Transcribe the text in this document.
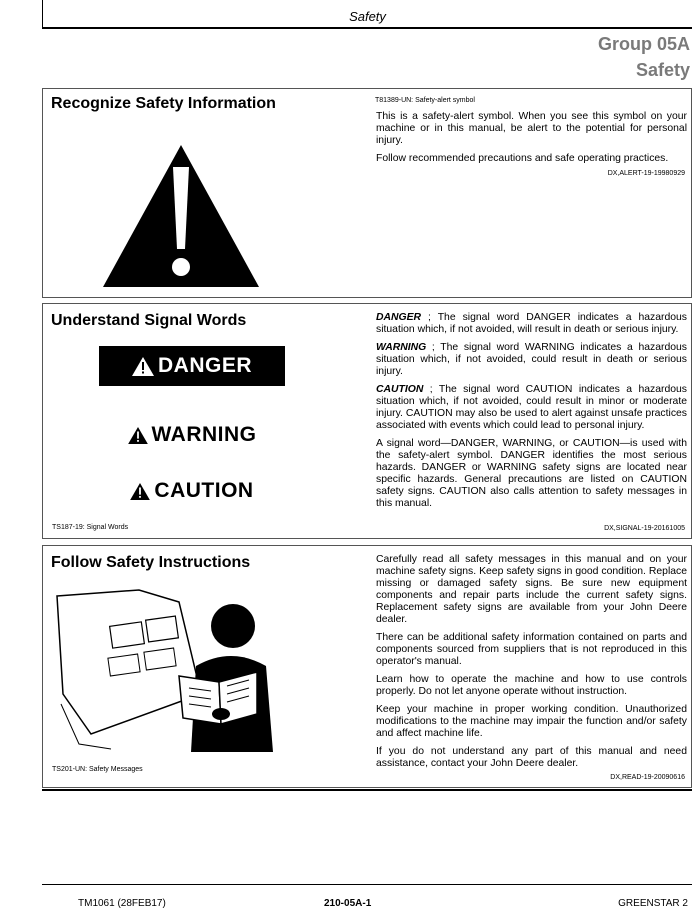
Safety
Group 05A
Safety
Recognize Safety Information	T81389-UN: Safety-alert symbol

This is a safety-alert symbol. When you see this symbol on your machine or in this manual, be alert to the potential for personal injury.

Follow recommended precautions and safe operating practices.

DX,ALERT-19-19980929
Understand Signal Words
DANGER
WARNING
CAUTION
TS187-19: Signal Words

DANGER ; The signal word DANGER indicates a hazardous situation which, if not avoided, will result in death or serious injury.

WARNING ; The signal word WARNING indicates a hazardous situation which, if not avoided, could result in death or serious injury.

CAUTION ; The signal word CAUTION indicates a hazardous situation which, if not avoided, could result in minor or moderate injury. CAUTION may also be used to alert against unsafe practices associated with events which could lead to personal injury.

A signal word—DANGER, WARNING, or CAUTION—is used with the safety-alert symbol. DANGER identifies the most serious hazards. DANGER or WARNING safety signs are located near specific hazards. General precautions are listed on CAUTION safety signs. CAUTION also calls attention to safety messages in this manual.

DX,SIGNAL-19-20161005
Follow Safety Instructions
TS201-UN: Safety Messages

Carefully read all safety messages in this manual and on your machine safety signs. Keep safety signs in good condition. Replace missing or damaged safety signs. Be sure new equipment components and repair parts include the current safety signs. Replacement safety signs are available from your John Deere dealer.

There can be additional safety information contained on parts and components sourced from suppliers that is not reproduced in this operator's manual.

Learn how to operate the machine and how to use controls properly. Do not let anyone operate without instruction.

Keep your machine in proper working condition. Unauthorized modifications to the machine may impair the function and/or safety and affect machine life.

If you do not understand any part of this manual and need assistance, contact your John Deere dealer.

DX,READ-19-20090616
TM1061 (28FEB17)	210-05A-1	GREENSTAR 2
